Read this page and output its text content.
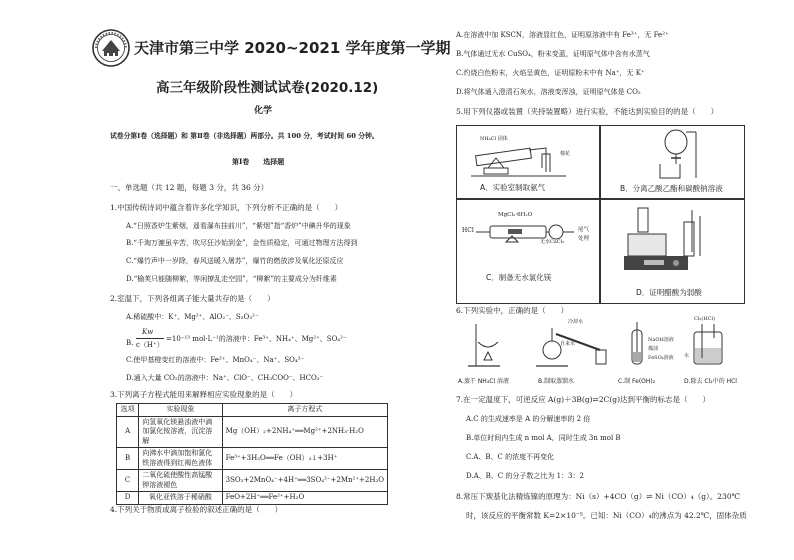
天津市第三中学 2020~2021 学年度第一学期
高三年级阶段性测试试卷(2020.12)
化学
试卷分第Ⅰ卷（选择题）和 第Ⅱ卷（非选择题）两部分。共 100 分，考试时间 60 分钟。
第Ⅰ卷　　选择题
一、单选题（共 12 题，每题 3 分，共 36 分）
1.中国传统诗词中蕴含着许多化学知识，下列分析不正确的是（　　）
A.“日照香炉生紫烟，遥看瀑布挂前川”，“紫烟”指“香炉”中碘升华的现象
B.“千淘万漉虽辛苦，吹尽狂沙始到金”，金性质稳定，可通过物理方法得到
C.“爆竹声中一岁除，春风送暖入屠苏”，爆竹的燃放涉及氧化还原反应
D.“榆荚只能随柳絮，等闲撩乱走空园”，“柳絮”的主要成分为纤维素
2.室温下，下列各组离子能大量共存的是（　　）
A.稀硫酸中：K⁺、Mg²⁺、AlO₂⁻、S₂O₃²⁻
B.
Kw
c（H⁺）
=10⁻¹³ mol·L⁻¹的溶液中：Fe³⁺、NH₄⁺、Mg²⁺、SO₄²⁻
C.使甲基橙变红的溶液中：Fe²⁺、MnO₄⁻、Na⁺、SO₄²⁻
D.通入大量 CO₂的溶液中：Na⁺、ClO⁻、CH₃COO⁻、HCO₃⁻
3.下列离子方程式能用来解释相应实验现象的是（　　）
选项	实验现象	离子方程式
A	向氢氧化镁悬浊液中滴加氯化铵溶液，沉淀溶解	Mg（OH）₂+2NH₄⁺══Mg²⁺+2NH₃·H₂O
B	向沸水中滴加饱和氯化铁溶液得到红褐色液体	Fe³⁺+3H₂O══Fe（OH）₃↓+3H⁺
C	二氧化硫使酸性高锰酸钾溶液褪色	3SO₂+2MnO₄⁻+4H⁺══3SO₄²⁻+2Mn²⁺+2H₂O
D	氧化亚铁溶于稀硝酸	FeO+2H⁺══Fe²⁺+H₂O
4.下列关于物质或离子检验的叙述正确的是（　　）
A.在溶液中加 KSCN，溶液显红色，证明原溶液中有 Fe³⁺，无 Fe²⁺
B.气体通过无水 CuSO₄，粉末变蓝，证明原气体中含有水蒸气
C.灼烧白色粉末，火焰呈黄色，证明原粉末中有 Na⁺，无 K⁺
D.将气体通入澄清石灰水，溶液变浑浊，证明原气体是 CO₂
5.用下列仪器或装置（夹持装置略）进行实验，不能达到实验目的的是（　　）
NH₄Cl 固体
棉花
A．实验室制取氨气	B．分离乙酸乙酯和碳酸钠溶液
HCl
MgCl₂·6H₂O
无水CaCl₂
尾气
处理
C．制备无水氯化镁
D．证明醋酸为弱酸
6.下列实验中，正确的是（　　）
冷却水
自来水
NaOH溶液
FeSO₄溶液
煤油
Cl₂(HCl)
水
A.蒸干 NH₄Cl 溶液	B.制取蒸馏水	C.制 Fe(OH)₂	D.除去 Cl₂中的 HCl
7.在一定温度下，可逆反应 A(g)＋3B(g)⇌2C(g)达到平衡的标志是（　　）
A.C 的生成速率是 A 的分解速率的 2 倍
B.单位时间内生成 n mol A，同时生成 3n mol B
C.A、B、C 的浓度不再变化
D.A、B、C 的分子数之比为 1：3：2
8.常压下羰基化法精炼镍的原理为：Ni（s）+4CO（g）⇌ Ni（CO）₄（g）。230℃
时，该反应的平衡常数 K=2×10⁻⁵。已知：Ni（CO）₄的沸点为 42.2℃，固体杂质
